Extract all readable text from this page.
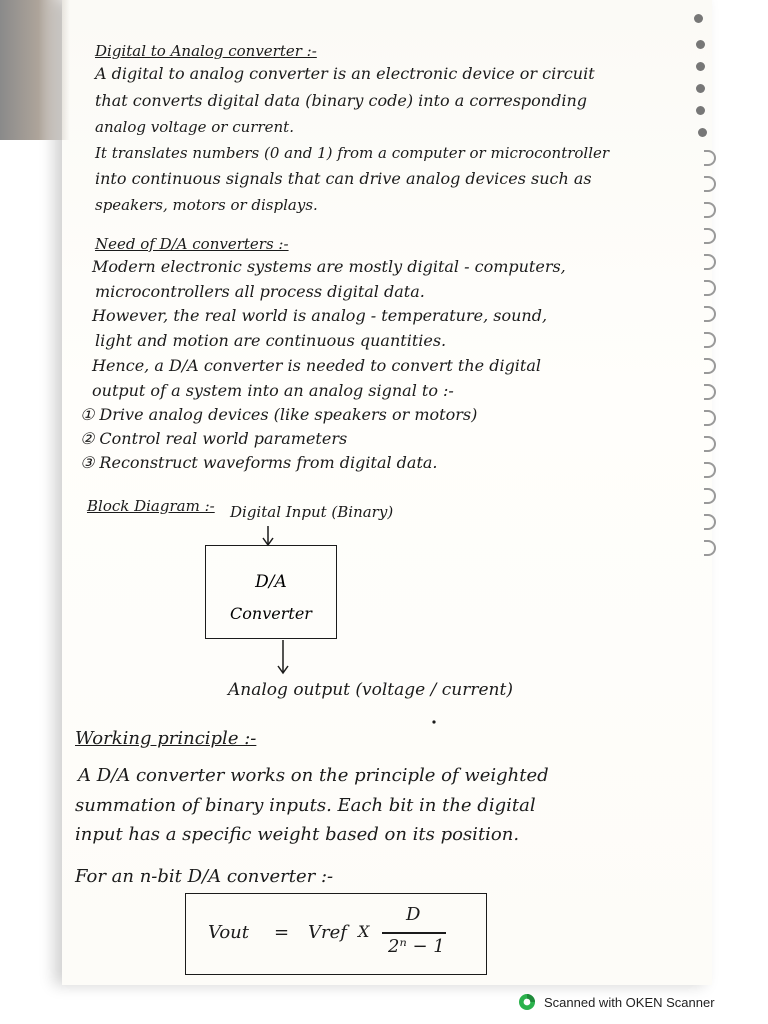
Digital to Analog converter :-
A digital to analog converter is an electronic device or circuit
that converts digital data (binary code) into a corresponding
analog voltage or current.
It translates numbers (0 and 1) from a computer or microcontroller
into continuous signals that can drive analog devices such as
speakers, motors or displays.
Need of D/A converters :-
Modern electronic systems are mostly digital - computers,
microcontrollers all process digital data.
However, the real world is analog - temperature, sound,
light and motion are continuous quantities.
Hence, a D/A converter is needed to convert the digital
output of a system into an analog signal to :-
① Drive analog devices (like speakers or motors)
② Control real world parameters
③ Reconstruct waveforms from digital data.
Block Diagram :- Digital Input (Binary)
D/A
Converter
Analog output (voltage / current)
Working principle :-
A D/A converter works on the principle of weighted
summation of binary inputs. Each bit in the digital
input has a specific weight based on its position.
For an n-bit D/A converter :-
Vout = Vref X
D
2ⁿ − 1
Scanned with OKEN Scanner
